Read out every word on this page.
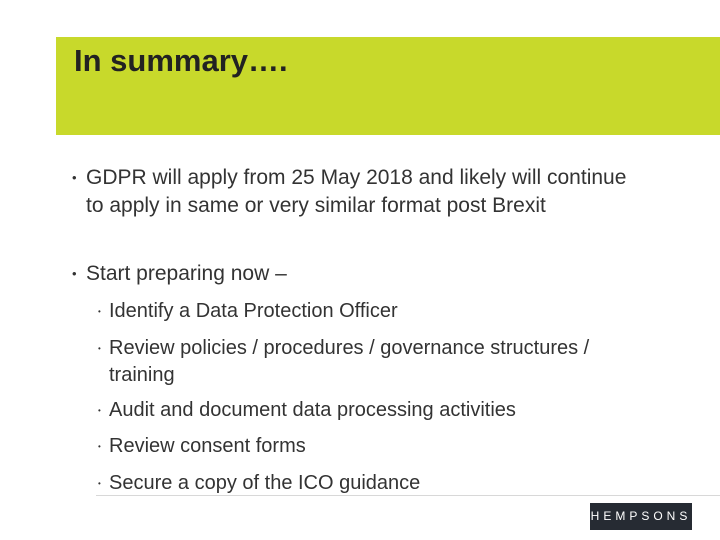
In summary….
• GDPR will apply from 25 May 2018 and likely will continue to apply in same or very similar format post Brexit
• Start preparing now –
• Identify a Data Protection Officer
• Review policies / procedures / governance structures / training
• Audit and document data processing activities
• Review consent forms
• Secure a copy of the ICO guidance
HEMPSONS
